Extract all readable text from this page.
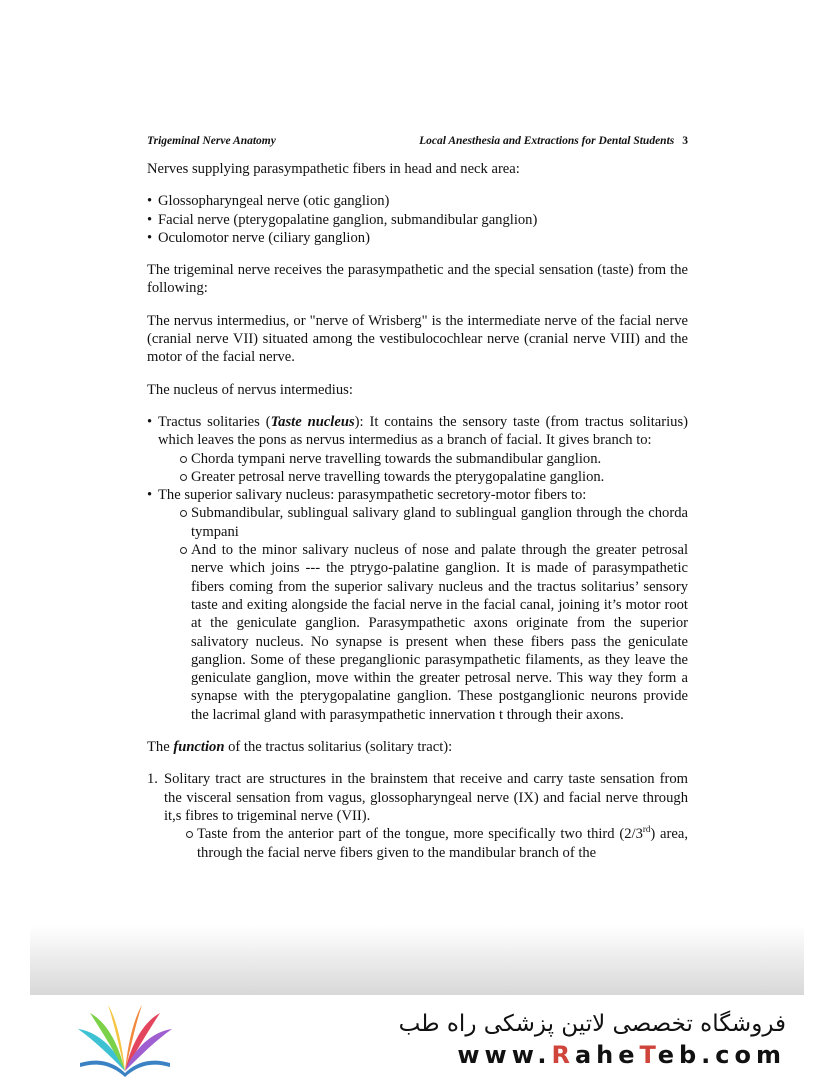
Trigeminal Nerve Anatomy	Local Anesthesia and Extractions for Dental Students 3

Nerves supplying parasympathetic fibers in head and neck area:

• Glossopharyngeal nerve (otic ganglion)
• Facial nerve (pterygopalatine ganglion, submandibular ganglion)
• Oculomotor nerve (ciliary ganglion)

The trigeminal nerve receives the parasympathetic and the special sensation (taste) from the following:

The nervus intermedius, or "nerve of Wrisberg" is the intermediate nerve of the facial nerve (cranial nerve VII) situated among the vestibulocochlear nerve (cranial nerve VIII) and the motor of the facial nerve.

The nucleus of nervus intermedius:

• Tractus solitaries (Taste nucleus): It contains the sensory taste (from tractus solitarius) which leaves the pons as nervus intermedius as a branch of facial. It gives branch to:
Chorda tympani nerve travelling towards the submandibular ganglion.
Greater petrosal nerve travelling towards the pterygopalatine ganglion.
• The superior salivary nucleus: parasympathetic secretory-motor fibers to:
Submandibular, sublingual salivary gland to sublingual ganglion through the chorda tympani
And to the minor salivary nucleus of nose and palate through the greater petrosal nerve which joins --- the ptrygo-palatine ganglion. It is made of parasympathetic fibers coming from the superior salivary nucleus and the tractus solitarius’ sensory taste and exiting alongside the facial nerve in the facial canal, joining it’s motor root at the geniculate ganglion. Parasympathetic axons originate from the superior salivatory nucleus. No synapse is present when these fibers pass the geniculate ganglion. Some of these preganglionic parasympathetic filaments, as they leave the geniculate ganglion, move within the greater petrosal nerve. This way they form a synapse with the pterygopalatine ganglion. These postganglionic neurons provide the lacrimal gland with parasympathetic innervation t through their axons.

The function of the tractus solitarius (solitary tract):

1. Solitary tract are structures in the brainstem that receive and carry taste sensation from the visceral sensation from vagus, glossopharyngeal nerve (IX) and facial nerve through it,s fibres to trigeminal nerve (VII).
Taste from the anterior part of the tongue, more specifically two third (2/3rd) area, through the facial nerve fibers given to the mandibular branch of the
فروشگاه تخصصی لاتین پزشکی راه طب
www.RaheTeb.com
